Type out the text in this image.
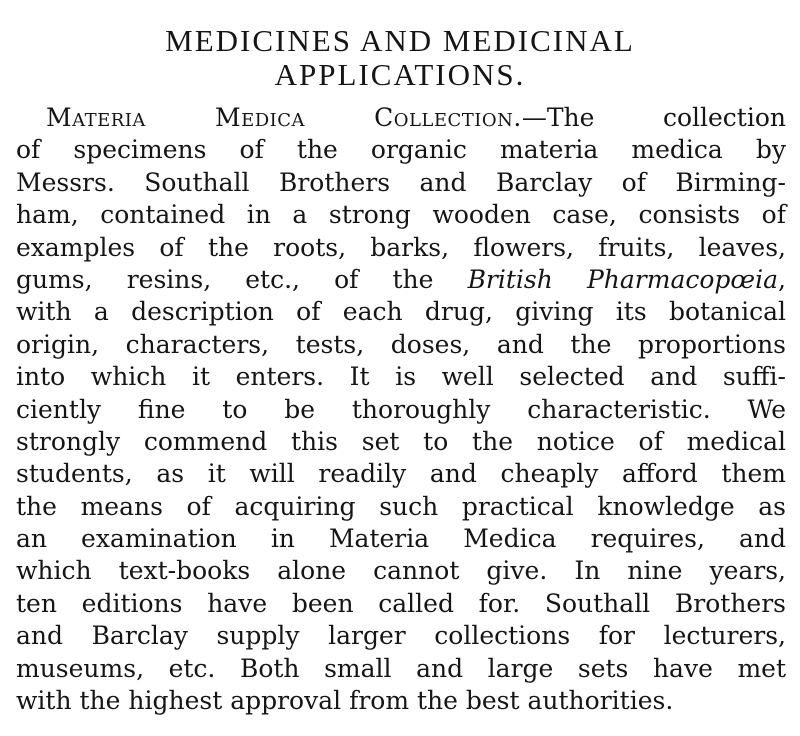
MEDICINES AND MEDICINAL
APPLICATIONS.
Materia Medica Collection.—The collection
of specimens of the organic materia medica by
Messrs. Southall Brothers and Barclay of Birming-
ham, contained in a strong wooden case, consists of
examples of the roots, barks, flowers, fruits, leaves,
gums, resins, etc., of the British Pharmacopœia,
with a description of each drug, giving its botanical
origin, characters, tests, doses, and the proportions
into which it enters. It is well selected and suffi-
ciently fine to be thoroughly characteristic. We
strongly commend this set to the notice of medical
students, as it will readily and cheaply afford them
the means of acquiring such practical knowledge as
an examination in Materia Medica requires, and
which text-books alone cannot give. In nine years,
ten editions have been called for. Southall Brothers
and Barclay supply larger collections for lecturers,
museums, etc. Both small and large sets have met
with the highest approval from the best authorities.
